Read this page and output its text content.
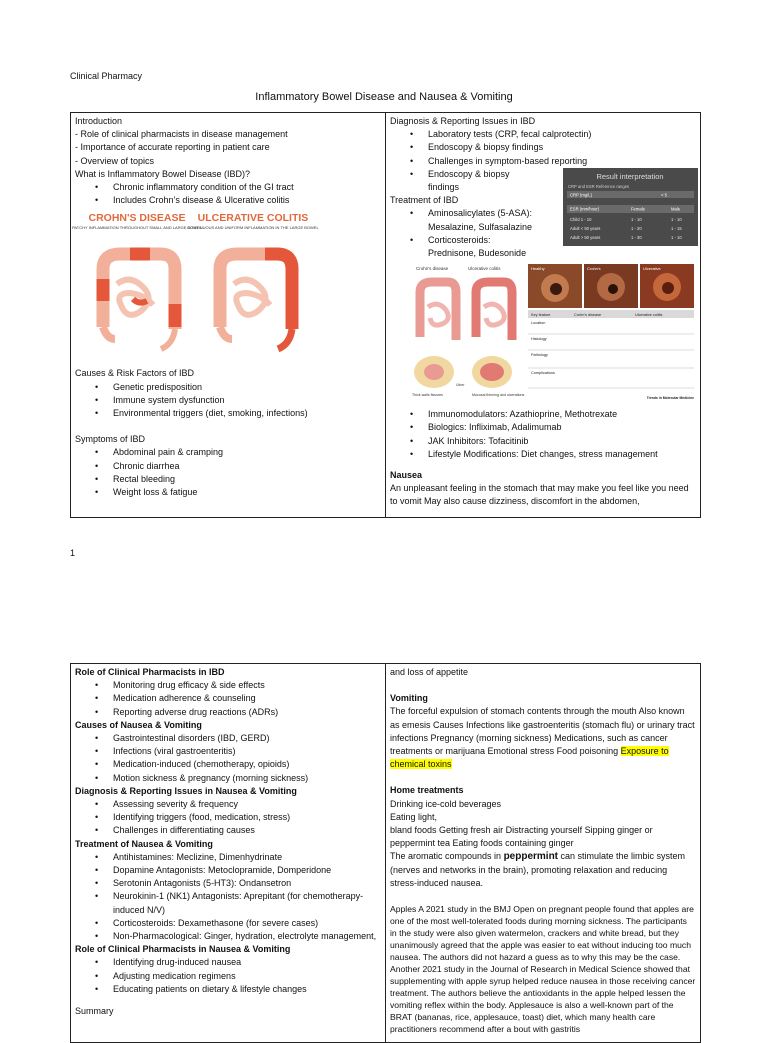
Clinical Pharmacy
Inflammatory Bowel Disease and Nausea & Vomiting

Introduction

- Role of clinical pharmacists in disease management

- Importance of accurate reporting in patient care

- Overview of topics

What is Inflammatory Bowel Disease (IBD)?

• Chronic inflammatory condition of the GI tract
• Includes Crohn’s disease & Ulcerative colitis
CROHN'S DISEASE
PATCHY INFLAMMATION THROUGHOUT SMALL AND LARGE BOWEL
ULCERATIVE COLITIS
CONTINUOUS AND UNIFORM INFLAMMATION IN THE LARGE BOWEL

Causes & Risk Factors of IBD

• Genetic predisposition
• Immune system dysfunction
• Environmental triggers (diet, smoking, infections)

Symptoms of IBD

• Abdominal pain & cramping
• Chronic diarrhea
• Rectal bleeding
• Weight loss & fatigue

Diagnosis & Reporting Issues in IBD

• Laboratory tests (CRP, fecal calprotectin)
• Endoscopy & biopsy findings
• Challenges in symptom-based reporting
Result interpretation
CRP and ESR Reference ranges
CRP (mg/L)	< 5
ESR (mm/hour)	Female	Male
Child 1 - 10	1 - 10	1 - 10
Adult < 50 years	1 - 20	1 - 15
Adult > 50 years	1 - 30	1 - 10
• Endoscopy & biopsy findings

Treatment of IBD

• Aminosalicylates (5-ASA): Mesalazine, Sulfasalazine
• Corticosteroids: Prednisone, Budesonide
Crohn's disease	Ulcerative colitis
Thick walls fissures
Ulcer
Mucosal thinning and ulcerations
Healthy	Crohn's	Ulcerative
Key feature	Crohn's disease	Ulcerative colitis
Location
Histology
Pathology
Complications
Trends in Molecular Medicine
• Immunomodulators: Azathioprine, Methotrexate
• Biologics: Infliximab, Adalimumab
• JAK Inhibitors: Tofacitinib
• Lifestyle Modifications: Diet changes, stress management

Nausea

An unpleasant feeling in the stomach that may make you feel like you need to vomit May also cause dizziness, discomfort in the abdomen,

1

Role of Clinical Pharmacists in IBD

• Monitoring drug efficacy & side effects
• Medication adherence & counseling
• Reporting adverse drug reactions (ADRs)

Causes of Nausea & Vomiting

• Gastrointestinal disorders (IBD, GERD)
• Infections (viral gastroenteritis)
• Medication-induced (chemotherapy, opioids)
• Motion sickness & pregnancy (morning sickness)

Diagnosis & Reporting Issues in Nausea & Vomiting

• Assessing severity & frequency
• Identifying triggers (food, medication, stress)
• Challenges in differentiating causes

Treatment of Nausea & Vomiting

• Antihistamines: Meclizine, Dimenhydrinate
• Dopamine Antagonists: Metoclopramide, Domperidone
• Serotonin Antagonists (5-HT3): Ondansetron
• Neurokinin-1 (NK1) Antagonists: Aprepitant (for chemotherapy-induced N/V)
• Corticosteroids: Dexamethasone (for severe cases)
• Non-Pharmacological: Ginger, hydration, electrolyte management,

Role of Clinical Pharmacists in Nausea & Vomiting

• Identifying drug-induced nausea
• Adjusting medication regimens
• Educating patients on dietary & lifestyle changes

Summary

and loss of appetite

Vomiting

The forceful expulsion of stomach contents through the mouth Also known as emesis Causes Infections like gastroenteritis (stomach flu) or urinary tract infections Pregnancy (morning sickness) Medications, such as cancer treatments or marijuana Emotional stress Food poisoning Exposure to chemical toxins

Home treatments

Drinking ice-cold beverages

Eating light,

bland foods Getting fresh air Distracting yourself Sipping ginger or peppermint tea Eating foods containing ginger

The aromatic compounds in peppermint can stimulate the limbic system (nerves and networks in the brain), promoting relaxation and reducing stress-induced nausea.

Apples A 2021 study in the BMJ Open on pregnant people found that apples are one of the most well-tolerated foods during morning sickness. The participants in the study were also given watermelon, crackers and white bread, but they unanimously agreed that the apple was easier to eat without inducing too much nausea. The authors did not hazard a guess as to why this may be the case. Another 2021 study in the Journal of Research in Medical Science showed that supplementing with apple syrup helped reduce nausea in those receiving cancer treatment. The authors believe the antioxidants in the apple helped lessen the vomiting reflex within the body. Applesauce is also a well-known part of the BRAT (bananas, rice, applesauce, toast) diet, which many health care practitioners recommend after a bout with gastritis
